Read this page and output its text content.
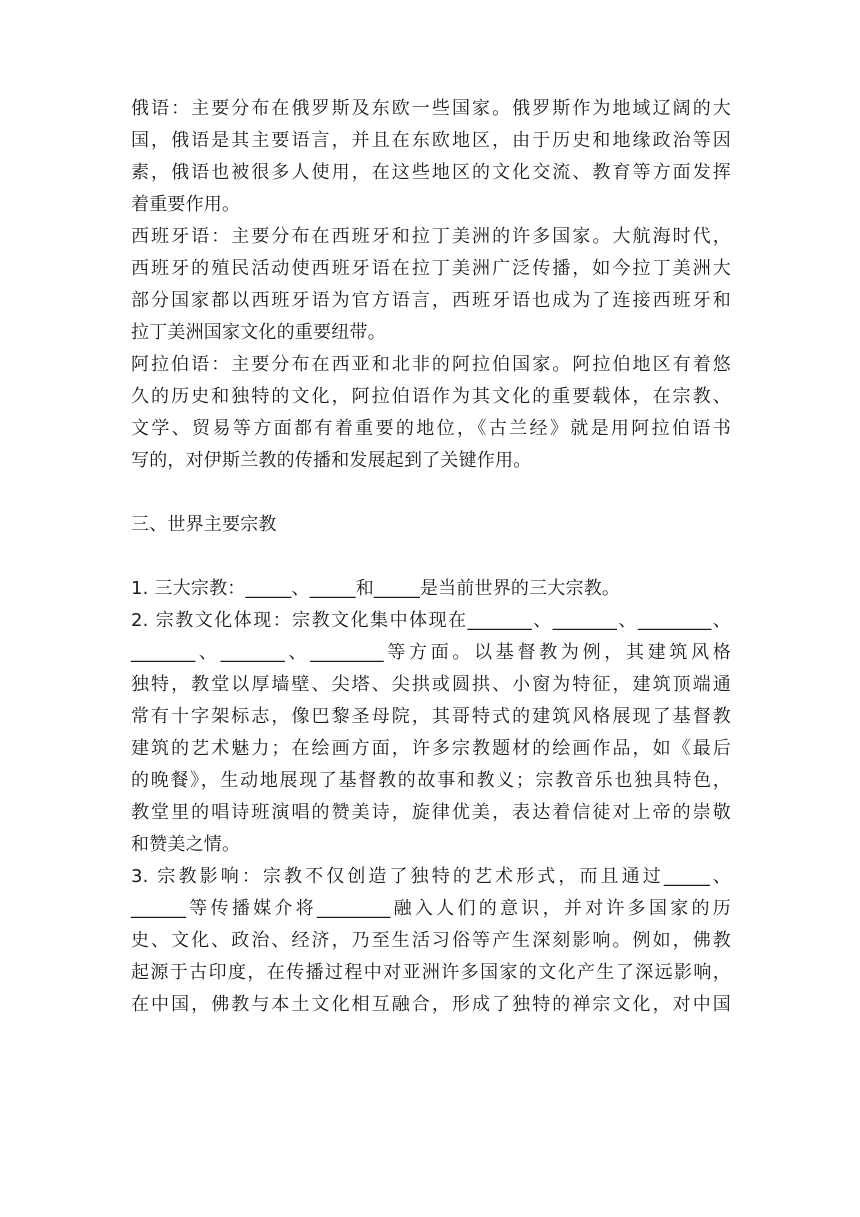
俄语：主要分布在俄罗斯及东欧一些国家。俄罗斯作为地域辽阔的大
国，俄语是其主要语言，并且在东欧地区，由于历史和地缘政治等因
素，俄语也被很多人使用，在这些地区的文化交流、教育等方面发挥
着重要作用。
西班牙语：主要分布在西班牙和拉丁美洲的许多国家。大航海时代，
西班牙的殖民活动使西班牙语在拉丁美洲广泛传播，如今拉丁美洲大
部分国家都以西班牙语为官方语言，西班牙语也成为了连接西班牙和
拉丁美洲国家文化的重要纽带。
阿拉伯语：主要分布在西亚和北非的阿拉伯国家。阿拉伯地区有着悠
久的历史和独特的文化，阿拉伯语作为其文化的重要载体，在宗教、
文学、贸易等方面都有着重要的地位，《古兰经》就是用阿拉伯语书
写的，对伊斯兰教的传播和发展起到了关键作用。
三、世界主要宗教
1. 三大宗教：_____、_____和_____是当前世界的三大宗教。
2. 宗教文化体现：宗教文化集中体现在_______、_______、________、
_______、_______、________等方面。以基督教为例，其建筑风格
独特，教堂以厚墙壁、尖塔、尖拱或圆拱、小窗为特征，建筑顶端通
常有十字架标志，像巴黎圣母院，其哥特式的建筑风格展现了基督教
建筑的艺术魅力；在绘画方面，许多宗教题材的绘画作品，如《最后
的晚餐》，生动地展现了基督教的故事和教义；宗教音乐也独具特色，
教堂里的唱诗班演唱的赞美诗，旋律优美，表达着信徒对上帝的崇敬
和赞美之情。
3. 宗教影响：宗教不仅创造了独特的艺术形式，而且通过_____、
______等传播媒介将________融入人们的意识，并对许多国家的历
史、文化、政治、经济，乃至生活习俗等产生深刻影响。例如，佛教
起源于古印度，在传播过程中对亚洲许多国家的文化产生了深远影响，
在中国，佛教与本土文化相互融合，形成了独特的禅宗文化，对中国
